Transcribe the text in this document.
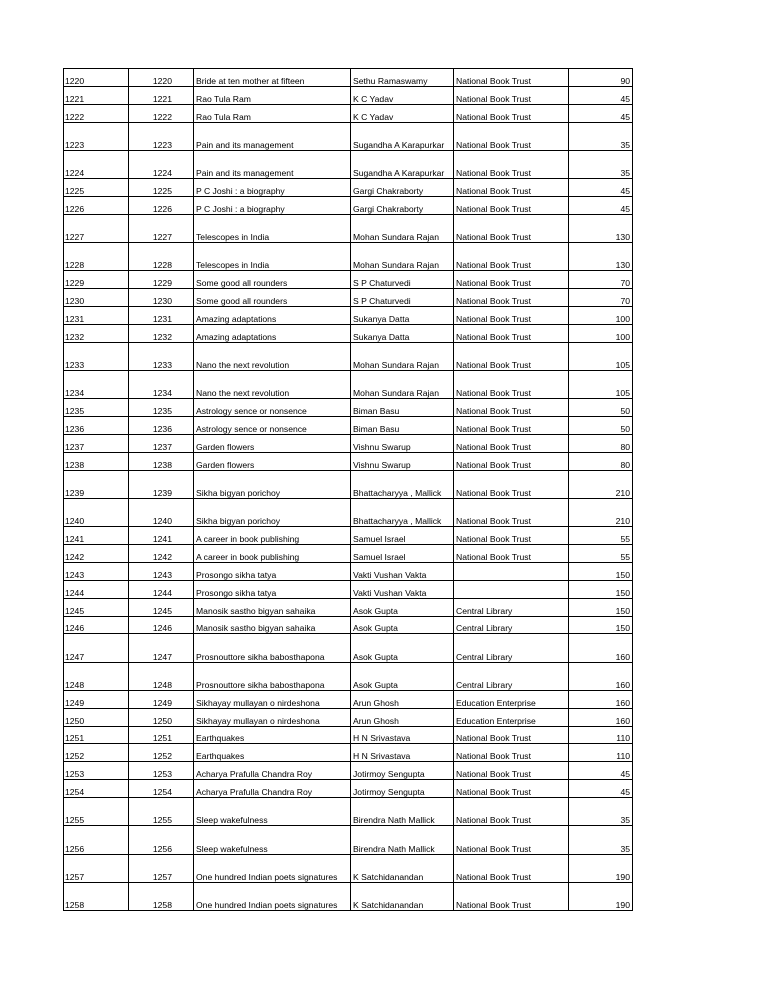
1220	1220	Bride at ten mother at fifteen	Sethu Ramaswamy	National Book Trust	90
1221	1221	Rao Tula Ram	K C Yadav	National Book Trust	45
1222	1222	Rao Tula Ram	K C Yadav	National Book Trust	45
1223	1223	Pain and its management	Sugandha A Karapurkar	National Book Trust	35
1224	1224	Pain and its management	Sugandha A Karapurkar	National Book Trust	35
1225	1225	P C Joshi : a biography	Gargi Chakraborty	National Book Trust	45
1226	1226	P C Joshi : a biography	Gargi Chakraborty	National Book Trust	45
1227	1227	Telescopes in India	Mohan Sundara Rajan	National Book Trust	130
1228	1228	Telescopes in India	Mohan Sundara Rajan	National Book Trust	130
1229	1229	Some good all rounders	S P Chaturvedi	National Book Trust	70
1230	1230	Some good all rounders	S P Chaturvedi	National Book Trust	70
1231	1231	Amazing adaptations	Sukanya Datta	National Book Trust	100
1232	1232	Amazing adaptations	Sukanya Datta	National Book Trust	100
1233	1233	Nano the next revolution	Mohan Sundara Rajan	National Book Trust	105
1234	1234	Nano the next revolution	Mohan Sundara Rajan	National Book Trust	105
1235	1235	Astrology sence or nonsence	Biman Basu	National Book Trust	50
1236	1236	Astrology sence or nonsence	Biman Basu	National Book Trust	50
1237	1237	Garden flowers	Vishnu Swarup	National Book Trust	80
1238	1238	Garden flowers	Vishnu Swarup	National Book Trust	80
1239	1239	Sikha bigyan porichoy	Bhattacharyya , Mallick	National Book Trust	210
1240	1240	Sikha bigyan porichoy	Bhattacharyya , Mallick	National Book Trust	210
1241	1241	A career in book publishing	Samuel Israel	National Book Trust	55
1242	1242	A career in book publishing	Samuel Israel	National Book Trust	55
1243	1243	Prosongo sikha tatya	Vakti Vushan Vakta		150
1244	1244	Prosongo sikha tatya	Vakti Vushan Vakta		150
1245	1245	Manosik sastho bigyan sahaika	Asok Gupta	Central Library	150
1246	1246	Manosik sastho bigyan sahaika	Asok Gupta	Central Library	150
1247	1247	Prosnouttore sikha babosthapona	Asok Gupta	Central Library	160
1248	1248	Prosnouttore sikha babosthapona	Asok Gupta	Central Library	160
1249	1249	Sikhayay mullayan o nirdeshona	Arun Ghosh	Education Enterprise	160
1250	1250	Sikhayay mullayan o nirdeshona	Arun Ghosh	Education Enterprise	160
1251	1251	Earthquakes	H N Srivastava	National Book Trust	110
1252	1252	Earthquakes	H N Srivastava	National Book Trust	110
1253	1253	Acharya Prafulla Chandra Roy	Jotirmoy Sengupta	National Book Trust	45
1254	1254	Acharya Prafulla Chandra Roy	Jotirmoy Sengupta	National Book Trust	45
1255	1255	Sleep wakefulness	Birendra Nath Mallick	National Book Trust	35
1256	1256	Sleep wakefulness	Birendra Nath Mallick	National Book Trust	35
1257	1257	One hundred Indian poets signatures	K Satchidanandan	National Book Trust	190
1258	1258	One hundred Indian poets signatures	K Satchidanandan	National Book Trust	190
